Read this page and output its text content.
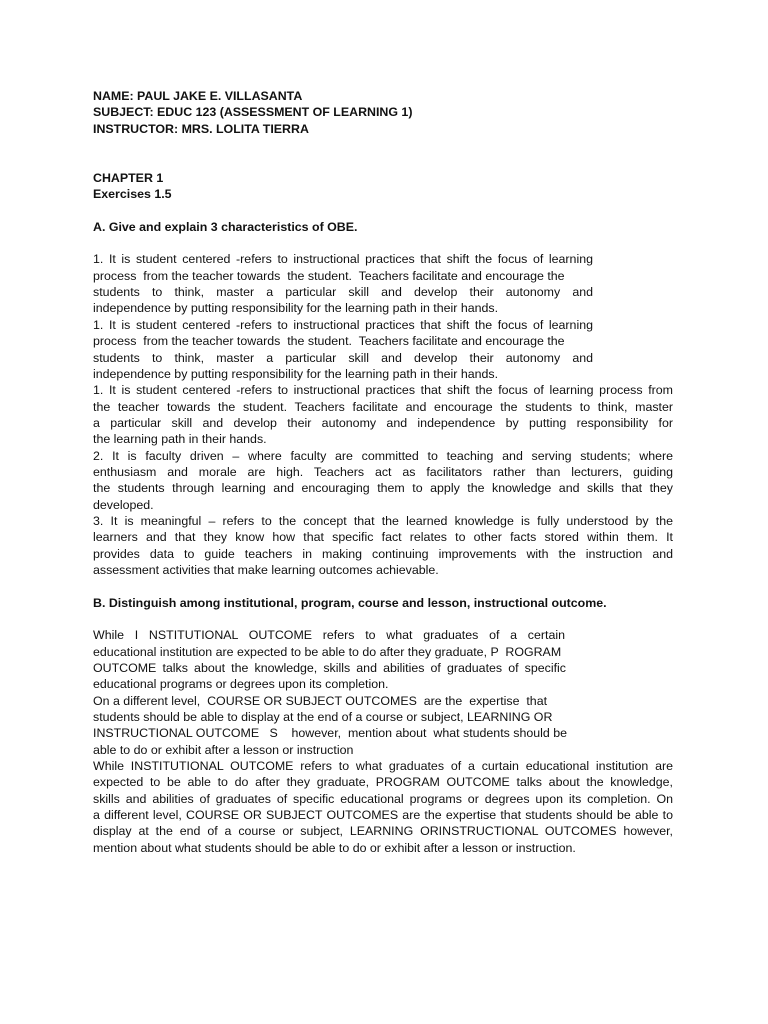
NAME: PAUL JAKE E. VILLASANTA
SUBJECT: EDUC 123 (ASSESSMENT OF LEARNING 1)
INSTRUCTOR: MRS. LOLITA TIERRA
CHAPTER 1
Exercises 1.5
A. Give and explain 3 characteristics of OBE.
1. It is student centered -refers to instructional practices that shift the focus of learning
process  from the teacher towards  the student.  Teachers facilitate and encourage the
students to think, master a particular skill and develop their autonomy and
independence by putting responsibility for the learning path in their hands.
1. It is student centered -refers to instructional practices that shift the focus of learning
process  from the teacher towards  the student.  Teachers facilitate and encourage the
students to think, master a particular skill and develop their autonomy and
independence by putting responsibility for the learning path in their hands.
1. It is student centered -refers to instructional practices that shift the focus of learning process from
the teacher towards the student. Teachers facilitate and encourage the students to think, master
a particular skill and develop their autonomy and independence by putting responsibility for
the learning path in their hands.
2. It is faculty driven – where faculty are committed to teaching and serving students; where
enthusiasm and morale are high. Teachers act as facilitators rather than lecturers, guiding
the students through learning and encouraging them to apply the knowledge and skills that they
developed.
3. It is meaningful – refers to the concept that the learned knowledge is fully understood by the
learners and that they know how that specific fact relates to other facts stored within them. It
provides data to guide teachers in making continuing improvements with the instruction and
assessment activities that make learning outcomes achievable.
B. Distinguish among institutional, program, course and lesson, instructional outcome.
While I NSTITUTIONAL OUTCOME refers to what graduates of a certain
educational institution are expected to be able to do after they graduate, P  ROGRAM
OUTCOME talks about the knowledge, skills and abilities of graduates of specific
educational programs or degrees upon its completion.
On a different level,  COURSE OR SUBJECT OUTCOMES  are the  expertise  that
students should be able to display at the end of a course or subject, LEARNING OR
INSTRUCTIONAL OUTCOME   S    however,  mention about  what students should be
able to do or exhibit after a lesson or instruction
While INSTITUTIONAL OUTCOME refers to what graduates of a curtain educational institution are
expected to be able to do after they graduate, PROGRAM OUTCOME talks about the knowledge,
skills and abilities of graduates of specific educational programs or degrees upon its completion. On
a different level, COURSE OR SUBJECT OUTCOMES are the expertise that students should be able to
display at the end of a course or subject, LEARNING ORINSTRUCTIONAL OUTCOMES however,
mention about what students should be able to do or exhibit after a lesson or instruction.
